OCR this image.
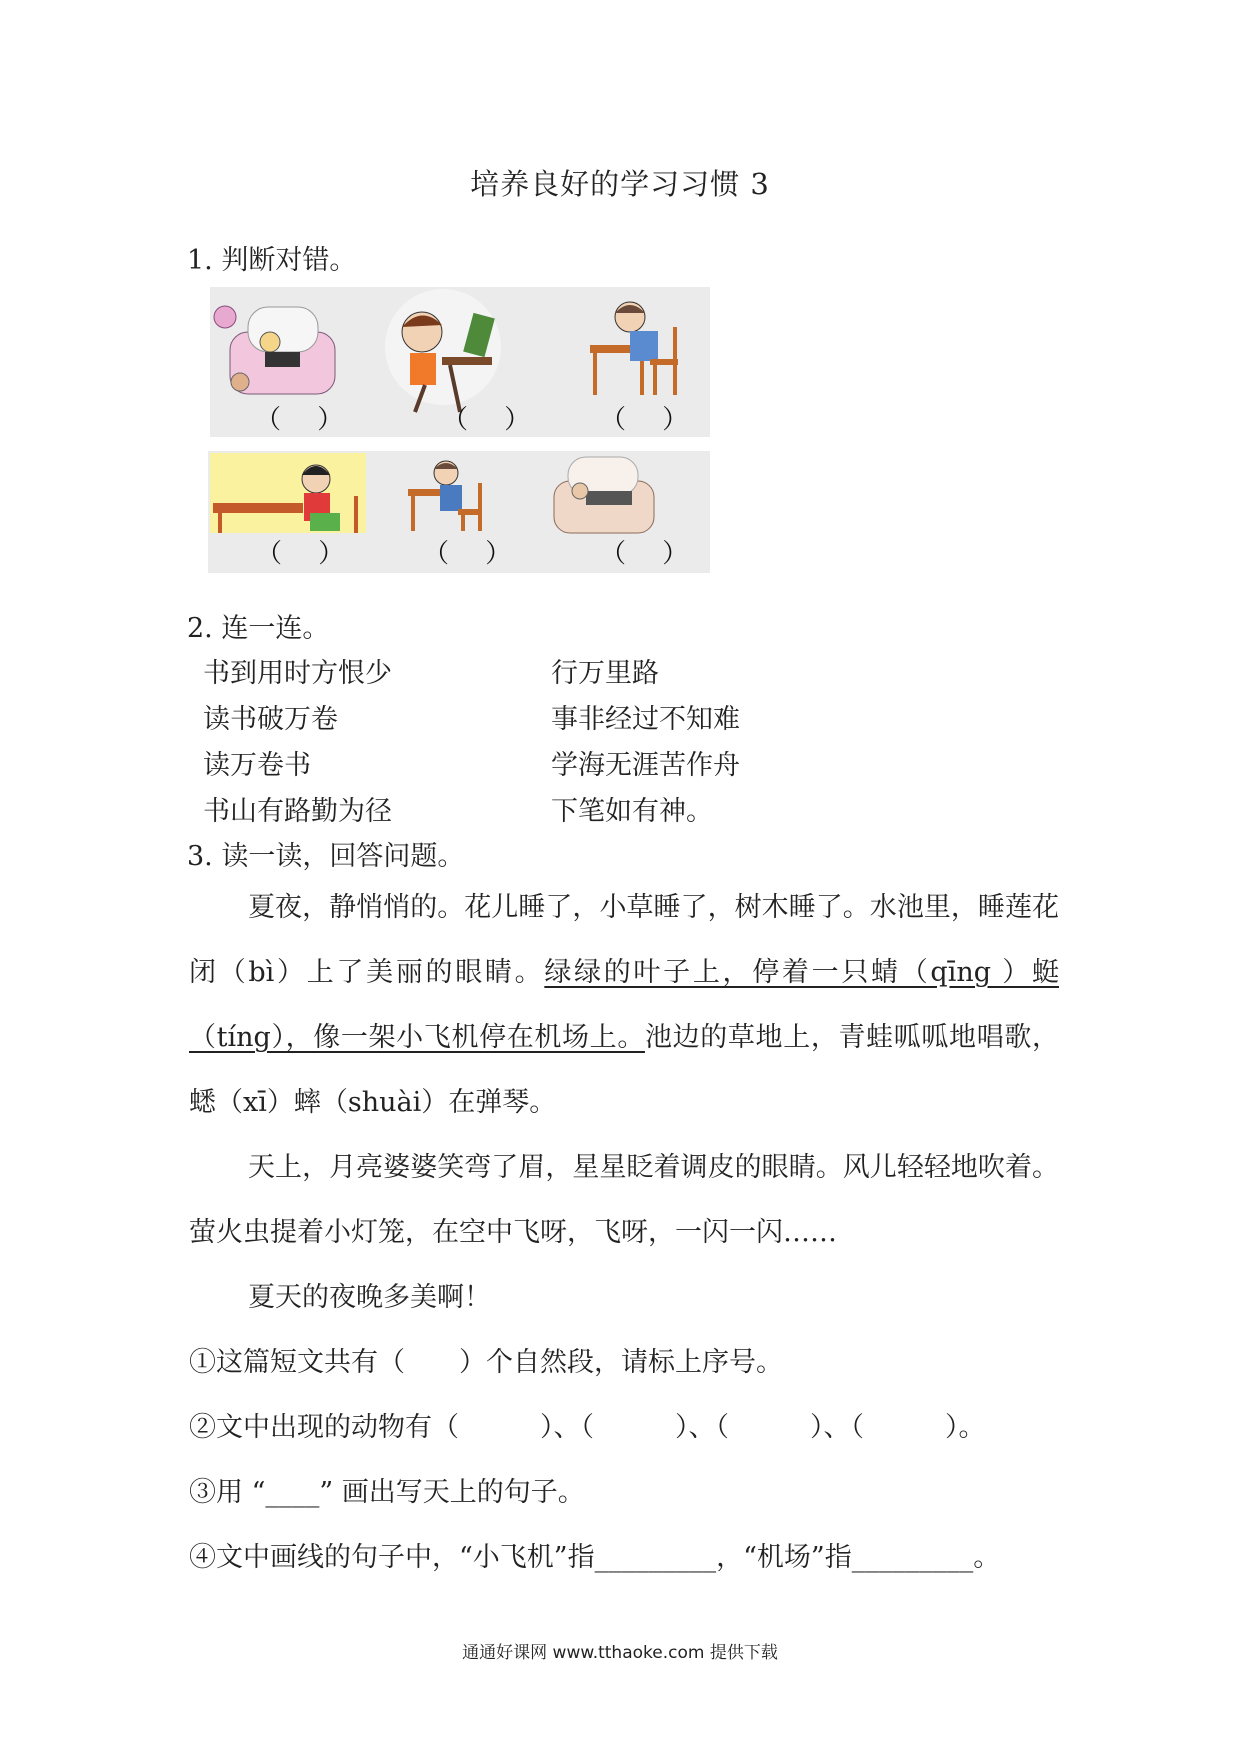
培养良好的学习习惯 3
1. 判断对错。
（ ）	（ ） （ ）
（ ） （ ）	（ ）
2. 连一连。
书到用时方恨少
读书破万卷
读万卷书
书山有路勤为径
行万里路
事非经过不知难
学海无涯苦作舟
下笔如有神。
3. 读一读，回答问题。

夏夜，静悄悄的。花儿睡了，小草睡了，树木睡了。水池里，睡莲花闭（bì）上了美丽的眼睛。绿绿的叶子上，停着一只蜻（qīng ）蜓（tíng），像一架小飞机停在机场上。池边的草地上，青蛙呱呱地唱歌，蟋（xī）蟀（shuài）在弹琴。

天上，月亮婆婆笑弯了眉，星星眨着调皮的眼睛。风儿轻轻地吹着。萤火虫提着小灯笼，在空中飞呀，飞呀，一闪一闪……

夏天的夜晚多美啊！

①这篇短文共有（　　）个自然段，请标上序号。

②文中出现的动物有（　　　）、（　　　）、（　　　）、（　　　）。

③用 “____” 画出写天上的句子。

④文中画线的句子中，“小飞机”指_________，“机场”指_________。

通通好课网 www.tthaoke.com 提供下载
